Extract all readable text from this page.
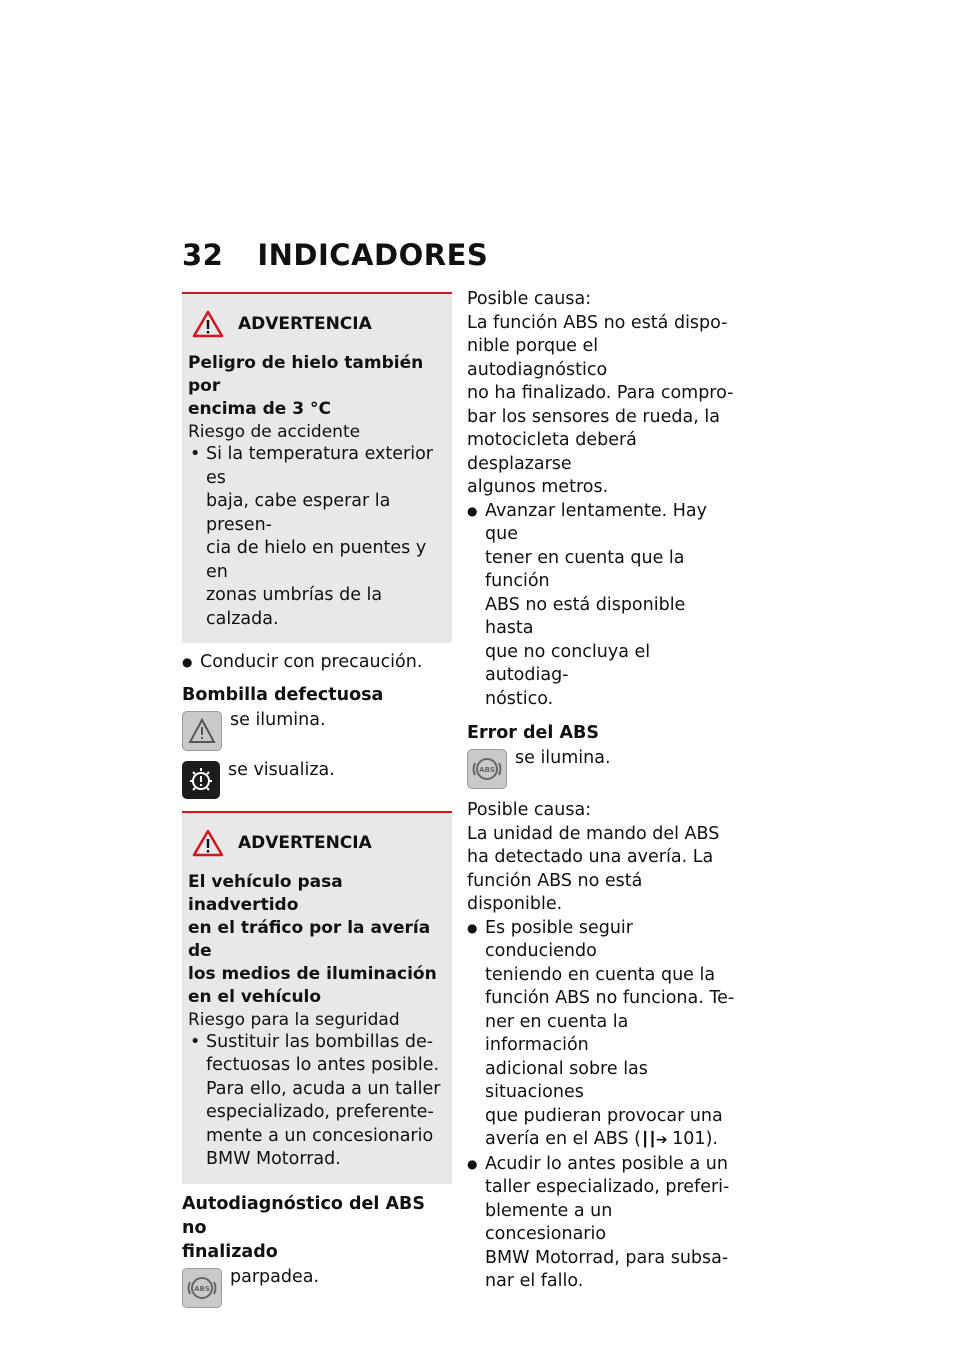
32 INDICADORES
ADVERTENCIA
Peligro de hielo también por
encima de 3 °C
Riesgo de accidente
• Si la temperatura exterior es
baja, cabe esperar la presen-
cia de hielo en puentes y en
zonas umbrías de la calzada.
● Conducir con precaución.
Bombilla defectuosa
se ilumina.
se visualiza.
ADVERTENCIA
El vehículo pasa inadvertido
en el tráfico por la avería de
los medios de iluminación
en el vehículo
Riesgo para la seguridad
• Sustituir las bombillas de-
fectuosas lo antes posible.
Para ello, acuda a un taller
especializado, preferente-
mente a un concesionario
BMW Motorrad.
Autodiagnóstico del ABS no
finalizado
ABS
parpadea.
Posible causa:
La función ABS no está dispo-
nible porque el autodiagnóstico
no ha finalizado. Para compro-
bar los sensores de rueda, la
motocicleta deberá desplazarse
algunos metros.
● Avanzar lentamente. Hay que
tener en cuenta que la función
ABS no está disponible hasta
que no concluya el autodiag-
nóstico.
Error del ABS
ABS
se ilumina.
Posible causa:
La unidad de mando del ABS
ha detectado una avería. La
función ABS no está disponible.
● Es posible seguir conduciendo
teniendo en cuenta que la
función ABS no funciona. Te-
ner en cuenta la información
adicional sobre las situaciones
que pudieran provocar una
avería en el ABS (┃┃➔ 101).
● Acudir lo antes posible a un
taller especializado, preferi-
blemente a un concesionario
BMW Motorrad, para subsa-
nar el fallo.
